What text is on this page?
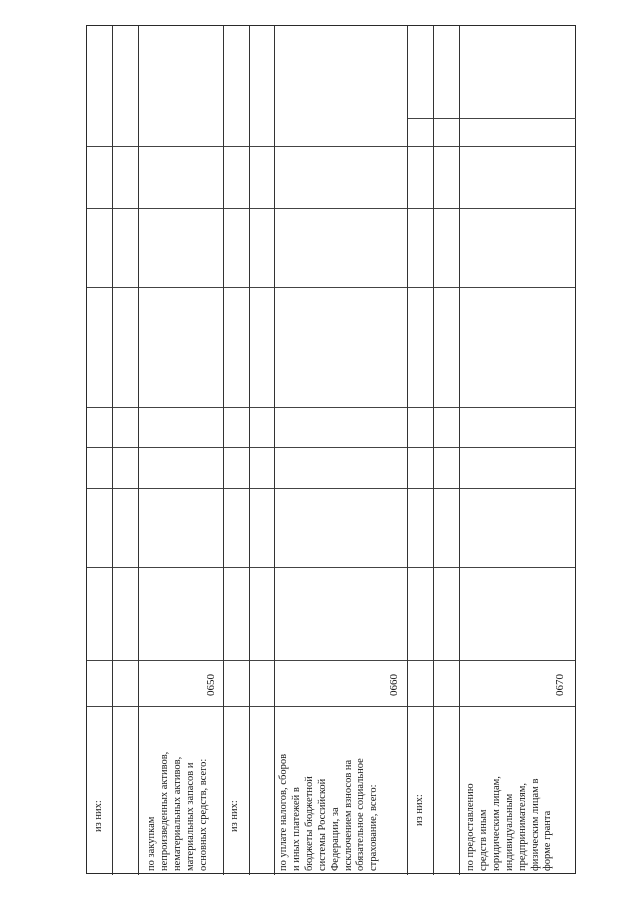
из них:
по закупкам
непроизведенных активов,
нематериальных активов,
материальных запасов и
основных средств, всего:
0650
из них:
по уплате налогов, сборов
и иных платежей в
бюджеты бюджетной
системы Российской
Федерации, за
исключением взносов на
обязательное социальное
страхование, всего:
0660
из них:
по предоставлению
средств иным
юридическим лицам,
индивидуальным
предпринимателям,
физическим лицам в
форме гранта
0670
